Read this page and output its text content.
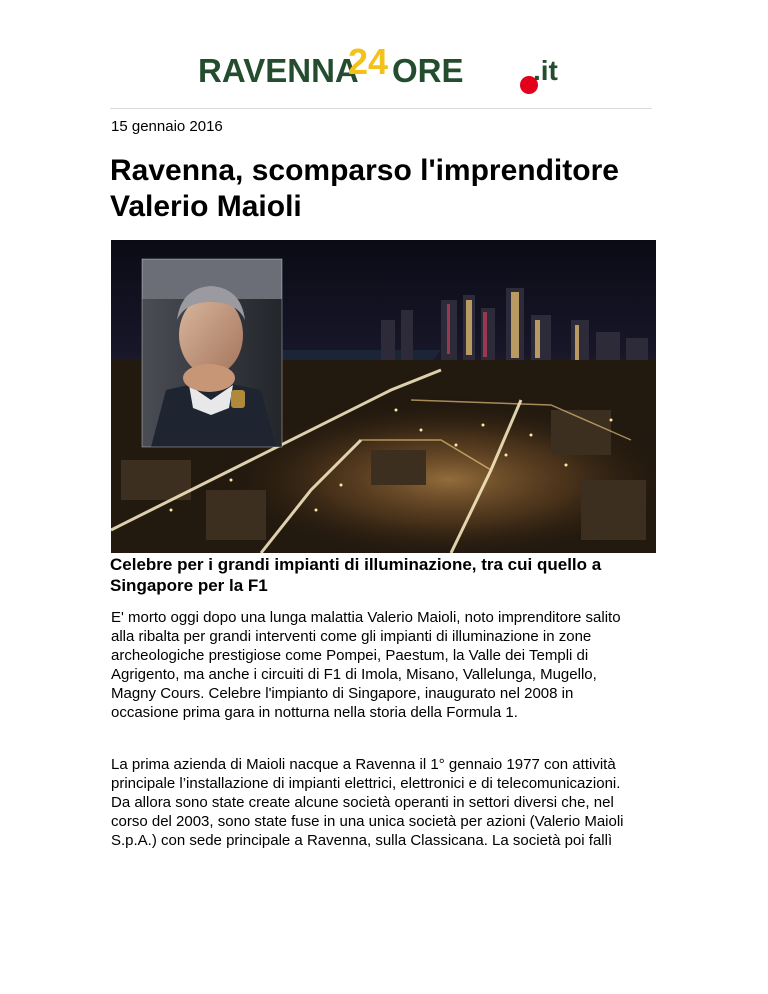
RAVENNA
24 ORE .it
15 gennaio 2016
Ravenna, scomparso l'imprenditore
Valerio Maioli
Celebre per i grandi impianti di illuminazione, tra cui quello a
Singapore per la F1

E' morto oggi dopo una lunga malattia Valerio Maioli, noto imprenditore salito
alla ribalta per grandi interventi come gli impianti di illuminazione in zone
archeologiche prestigiose come Pompei, Paestum, la Valle dei Templi di
Agrigento, ma anche i circuiti di F1 di Imola, Misano, Vallelunga, Mugello,
Magny Cours. Celebre l'impianto di Singapore, inaugurato nel 2008 in
occasione prima gara in notturna nella storia della Formula 1.

La prima azienda di Maioli nacque a Ravenna il 1° gennaio 1977 con attività
principale l’installazione di impianti elettrici, elettronici e di telecomunicazioni.
Da allora sono state create alcune società operanti in settori diversi che, nel
corso del 2003, sono state fuse in una unica società per azioni (Valerio Maioli
S.p.A.) con sede principale a Ravenna, sulla Classicana. La società poi fallì
